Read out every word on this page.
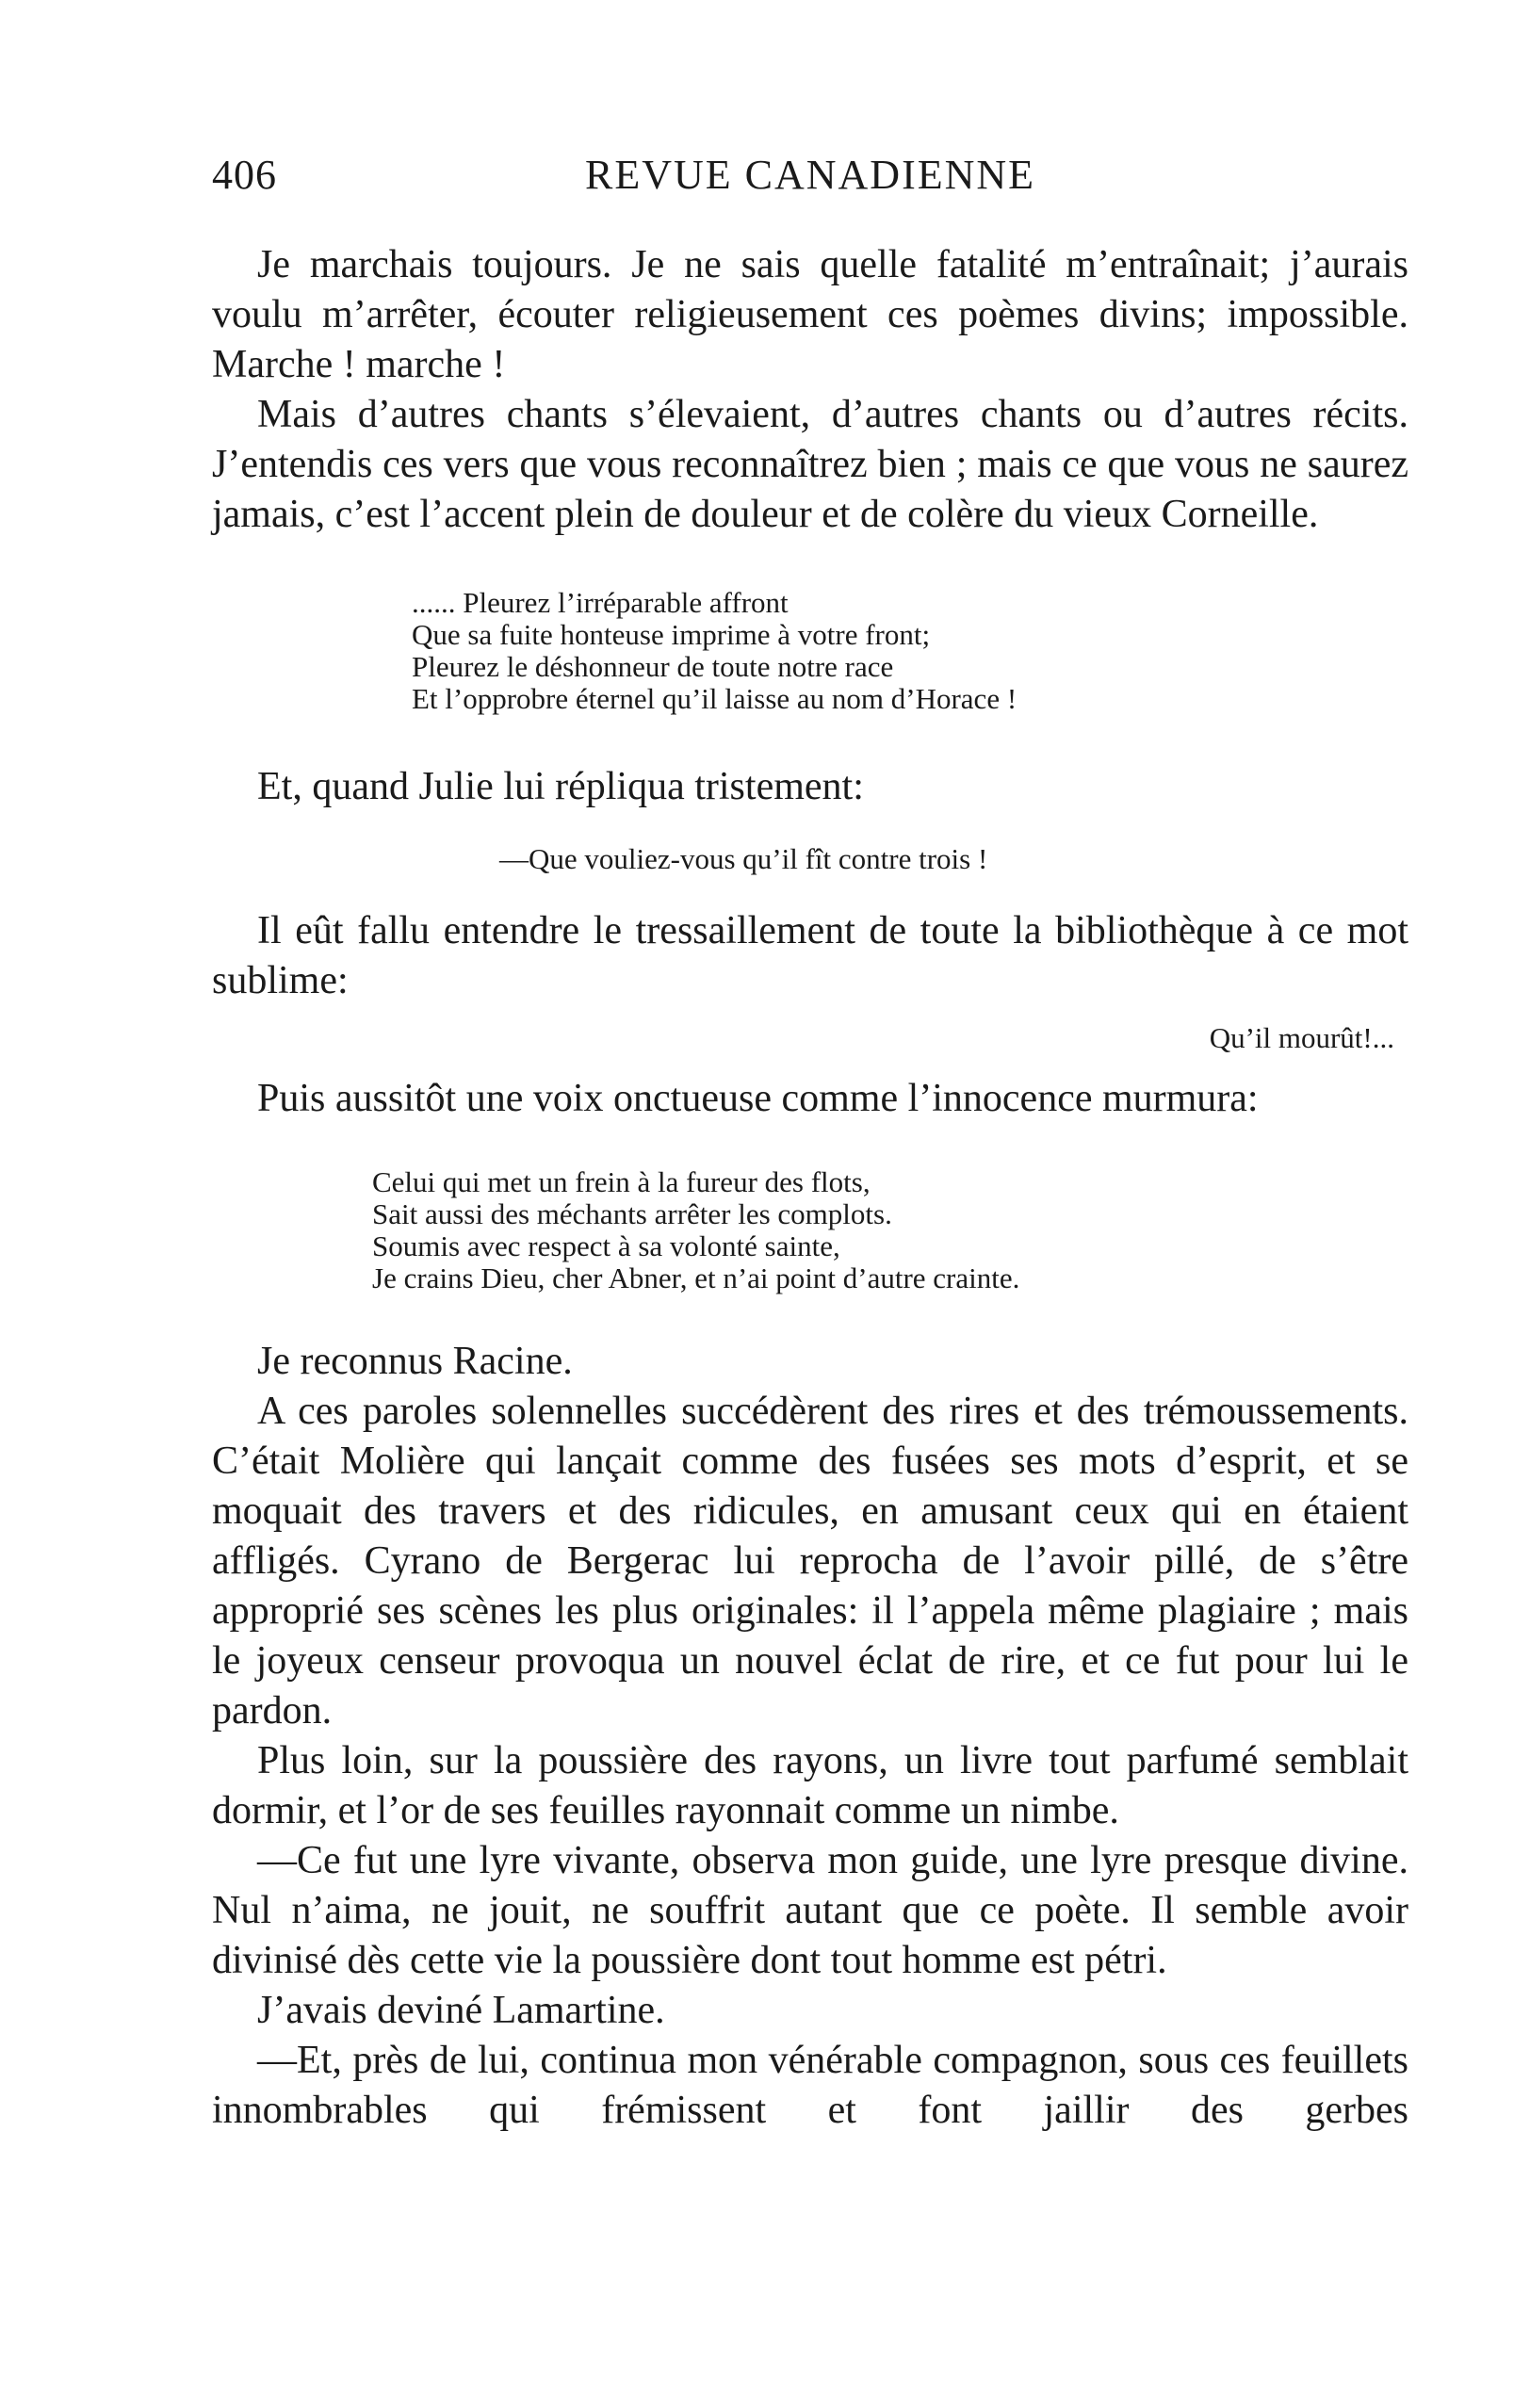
406	REVUE CANADIENNE

Je marchais toujours. Je ne sais quelle fatalité m’entraînait; j’aurais voulu m’arrêter, écouter religieusement ces poèmes divins; impossible. Marche ! marche !

Mais d’autres chants s’élevaient, d’autres chants ou d’autres récits. J’entendis ces vers que vous reconnaîtrez bien ; mais ce que vous ne saurez jamais, c’est l’accent plein de douleur et de colère du vieux Corneille.

...... Pleurez l’irréparable affront
Que sa fuite honteuse imprime à votre front;
Pleurez le déshonneur de toute notre race
Et l’opprobre éternel qu’il laisse au nom d’Horace !

Et, quand Julie lui répliqua tristement:

—Que vouliez-vous qu’il fît contre trois !

Il eût fallu entendre le tressaillement de toute la bibliothèque à ce mot sublime:

Qu’il mourût!...

Puis aussitôt une voix onctueuse comme l’innocence murmura:

Celui qui met un frein à la fureur des flots,
Sait aussi des méchants arrêter les complots.
Soumis avec respect à sa volonté sainte,
Je crains Dieu, cher Abner, et n’ai point d’autre crainte.

Je reconnus Racine.

A ces paroles solennelles succédèrent des rires et des trémoussements. C’était Molière qui lançait comme des fusées ses mots d’esprit, et se moquait des travers et des ridicules, en amusant ceux qui en étaient affligés. Cyrano de Bergerac lui reprocha de l’avoir pillé, de s’être approprié ses scènes les plus originales: il l’appela même plagiaire ; mais le joyeux censeur provoqua un nouvel éclat de rire, et ce fut pour lui le pardon.

Plus loin, sur la poussière des rayons, un livre tout parfumé semblait dormir, et l’or de ses feuilles rayonnait comme un nimbe.

—Ce fut une lyre vivante, observa mon guide, une lyre presque divine. Nul n’aima, ne jouit, ne souffrit autant que ce poète. Il semble avoir divinisé dès cette vie la poussière dont tout homme est pétri.

J’avais deviné Lamartine.

—Et, près de lui, continua mon vénérable compagnon, sous ces feuillets innombrables qui frémissent et font jaillir des gerbes
